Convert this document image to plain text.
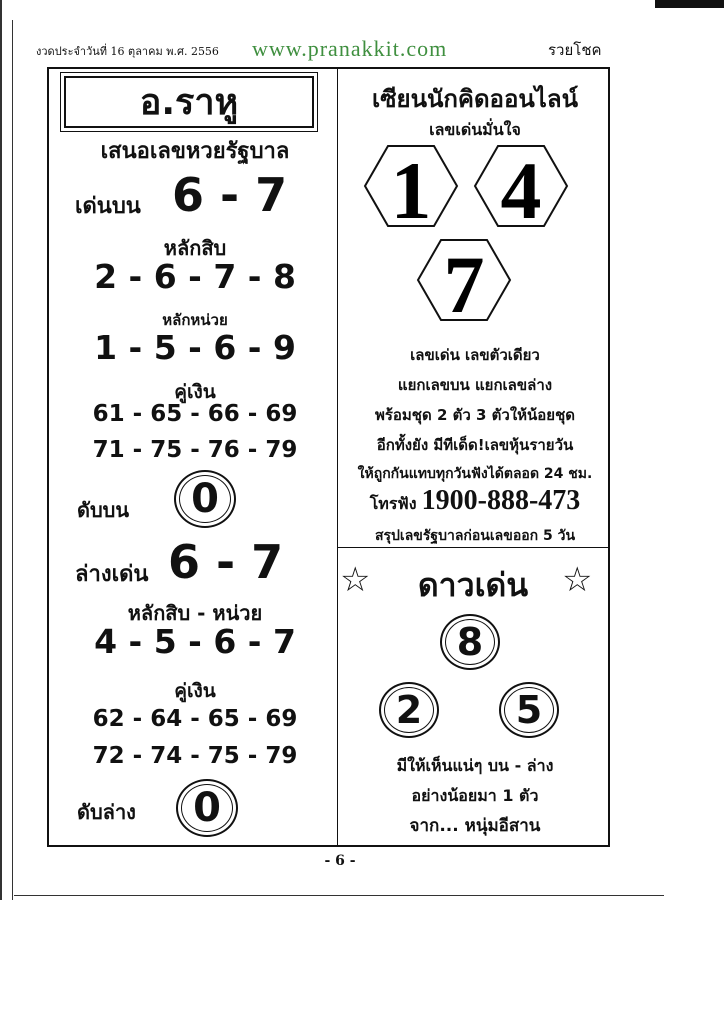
งวดประจำวันที่ 16 ตุลาคม พ.ศ. 2556 www.pranakkit.com	รวยโชค
อ.ราหู
เสนอเลขหวยรัฐบาล
เด่นบน 6 - 7
หลักสิบ
2 - 6 - 7 - 8
หลักหน่วย
1 - 5 - 6 - 9
คู่เงิน
61 - 65 - 66 - 69
71 - 75 - 76 - 79
ดับบน	0
ล่างเด่น 6 - 7
หลักสิบ - หน่วย
4 - 5 - 6 - 7
คู่เงิน
62 - 64 - 65 - 69
72 - 74 - 75 - 79
ดับล่าง	0
เซียนนักคิดออนไลน์
เลขเด่นมั่นใจ
1 4
7
เลขเด่น เลขตัวเดียว
แยกเลขบน แยกเลขล่าง
พร้อมชุด 2 ตัว 3 ตัวให้น้อยชุด
อีกทั้งยัง มีทีเด็ด!เลขหุ้นรายวัน
ให้ถูกกันแทบทุกวันฟังได้ตลอด 24 ชม.
โทรฟัง 1900-888-473
สรุปเลขรัฐบาลก่อนเลขออก 5 วัน
☆	ดาวเด่น ☆
8
2	5
มีให้เห็นแน่ๆ บน - ล่าง
อย่างน้อยมา 1 ตัว
จาก... หนุ่มอีสาน
- 6 -
